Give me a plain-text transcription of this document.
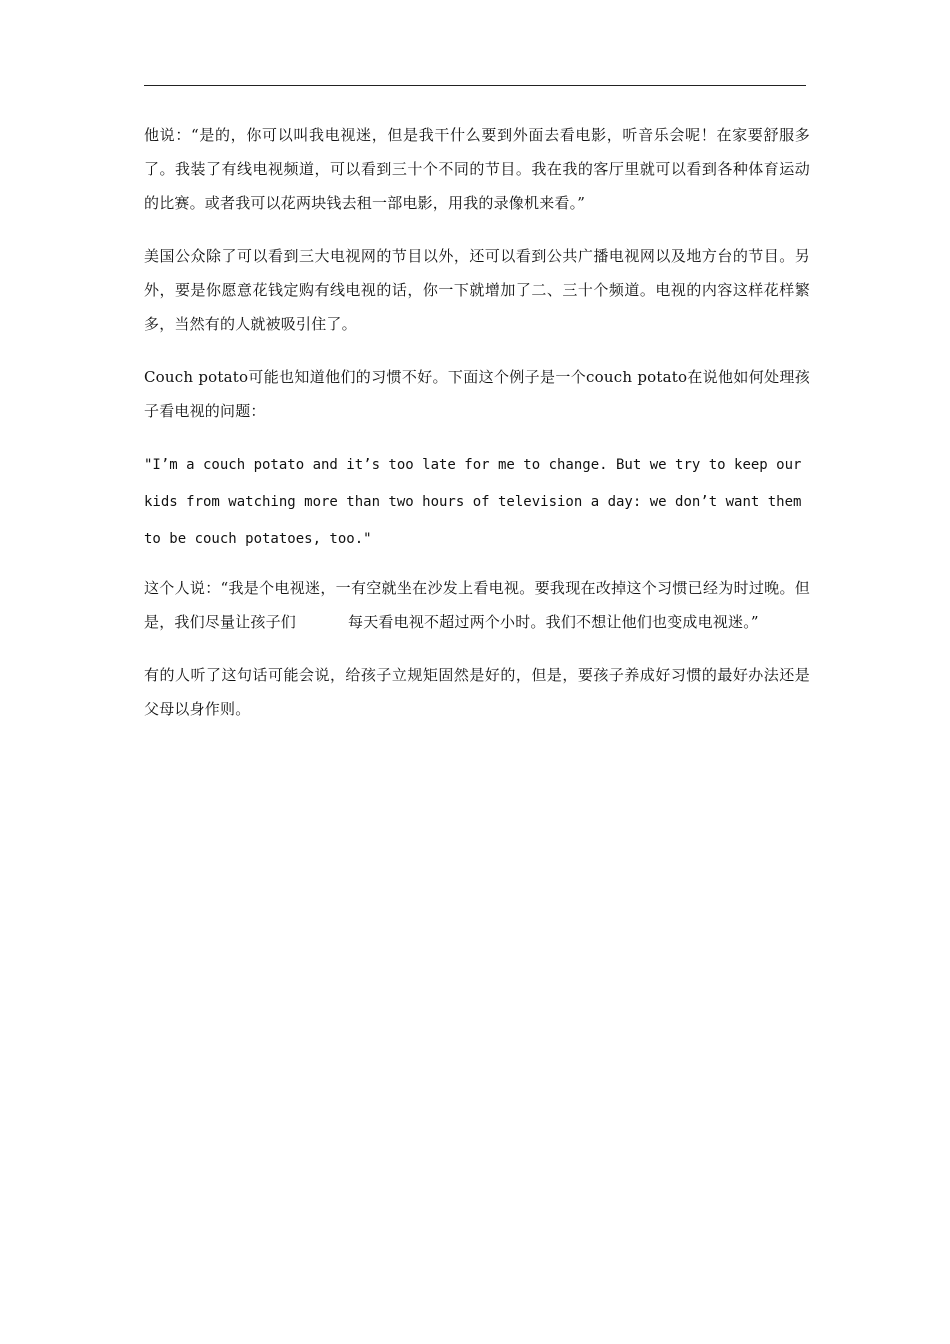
他说：“是的，你可以叫我电视迷，但是我干什么要到外面去看电影，听音乐会呢！在家要舒服多了。我装了有线电视频道，可以看到三十个不同的节目。我在我的客厅里就可以看到各种体育运动的比赛。或者我可以花两块钱去租一部电影，用我的录像机来看。”

美国公众除了可以看到三大电视网的节目以外，还可以看到公共广播电视网以及地方台的节目。另外，要是你愿意花钱定购有线电视的话，你一下就增加了二、三十个频道。电视的内容这样花样繁多，当然有的人就被吸引住了。

Couch potato可能也知道他们的习惯不好。下面这个例子是一个couch potato在说他如何处理孩子看电视的问题：

"I’m a couch potato and it’s too late for me to change. But we try to keep our kids from watching more than two hours of television a day: we don’t want them to be couch potatoes, too."

这个人说：“我是个电视迷，一有空就坐在沙发上看电视。要我现在改掉这个习惯已经为时过晚。但是，我们尽量让孩子们	每天看电视不超过两个小时。我们不想让他们也变成电视迷。”

有的人听了这句话可能会说，给孩子立规矩固然是好的，但是，要孩子养成好习惯的最好办法还是父母以身作则。
